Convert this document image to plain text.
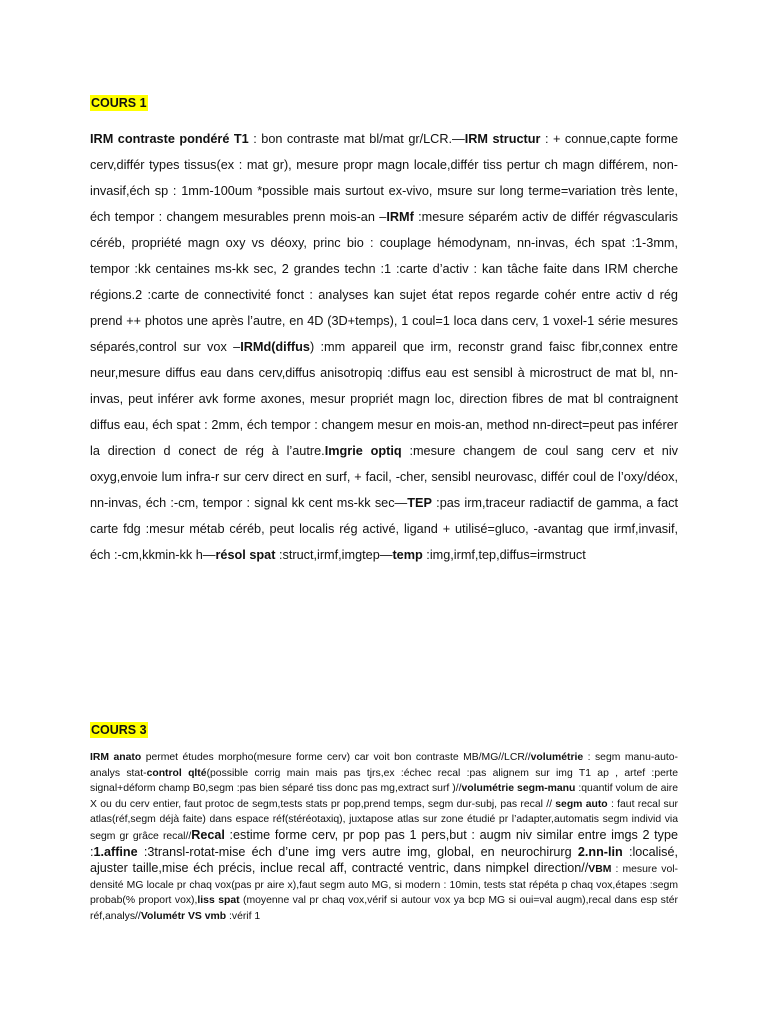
COURS 1
IRM contraste pondéré T1 : bon contraste mat bl/mat gr/LCR.—IRM structur : + connue,capte forme cerv,différ types tissus(ex : mat gr), mesure propr magn locale,différ tiss pertur ch magn différem, non-invasif,éch sp : 1mm-100um *possible mais surtout ex-vivo, msure sur long terme=variation très lente, éch tempor : changem mesurables prenn mois-an –IRMf :mesure séparém activ de différ régvascularis céréb, propriété magn oxy vs déoxy, princ bio : couplage hémodynam, nn-invas, éch spat :1-3mm, tempor :kk centaines ms-kk sec, 2 grandes techn :1 :carte d’activ : kan tâche faite dans IRM cherche régions.2 :carte de connectivité fonct : analyses kan sujet état repos regarde cohér entre activ d rég prend ++ photos une après l’autre, en 4D (3D+temps), 1 coul=1 loca dans cerv, 1 voxel-1 série mesures séparés,control sur vox –IRMd(diffus) :mm appareil que irm, reconstr grand faisc fibr,connex entre neur,mesure diffus eau dans cerv,diffus anisotropiq :diffus eau est sensibl à microstruct de mat bl, nn-invas, peut inférer avk forme axones, mesur propriét magn loc, direction fibres de mat bl contraignent diffus eau, éch spat : 2mm, éch tempor : changem mesur en mois-an, method nn-direct=peut pas inférer la direction d conect de rég à l’autre.Imgrie optiq :mesure changem de coul sang cerv et niv oxyg,envoie lum infra-r sur cerv direct en surf, + facil, -cher, sensibl neurovasc, différ coul de l’oxy/déox, nn-invas, éch :-cm, tempor : signal kk cent ms-kk sec—TEP :pas irm,traceur radiactif de gamma, a fact carte fdg :mesur métab céréb, peut localis rég activé, ligand + utilisé=gluco, -avantag que irmf,invasif, éch :-cm,kkmin-kk h—résol spat :struct,irmf,imgtep—temp :img,irmf,tep,diffus=irmstruct
COURS 3
IRM anato permet études morpho(mesure forme cerv) car voit bon contraste MB/MG//LCR//volumétrie : segm manu-auto-analys stat-control qlté(possible corrig main mais pas tjrs,ex :échec recal :pas alignem sur img T1 ap , artef :perte signal+déform champ B0,segm :pas bien séparé tiss donc pas mg,extract surf )//volumétrie segm-manu :quantif volum de aire X ou du cerv entier, faut protoc de segm,tests stats pr pop,prend temps, segm dur-subj, pas recal // segm auto : faut recal sur atlas(réf,segm déjà faite) dans espace réf(stéréotaxiq), juxtapose atlas sur zone étudié pr l’adapter,automatis segm individ via segm gr grâce recal//Recal :estime forme cerv, pr pop pas 1 pers,but : augm niv similar entre imgs 2 type :1.affine :3transl-rotat-mise éch d’une img vers autre img, global, en neurochirurg 2.nn-lin :localisé, ajuster taille,mise éch précis, inclue recal aff, contracté ventric, dans nimpkel direction//VBM : mesure vol-densité MG locale pr chaq vox(pas pr aire x),faut segm auto MG, si modern : 10min, tests stat répéta p chaq vox,étapes :segm probab(% proport vox),liss spat (moyenne val pr chaq vox,vérif si autour vox ya bcp MG si oui=val augm),recal dans esp stér réf,analys//Volumétr VS vmb :vérif 1
